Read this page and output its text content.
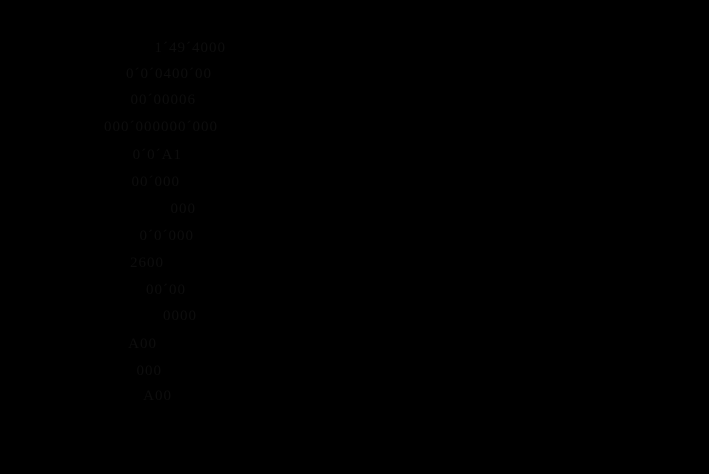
1´49´4000
0´0´0400´00
00´00006
000´000000´000
0´0´A1
00´000
000
0´0´000
2600
00´00
0000
A00
000
A00
